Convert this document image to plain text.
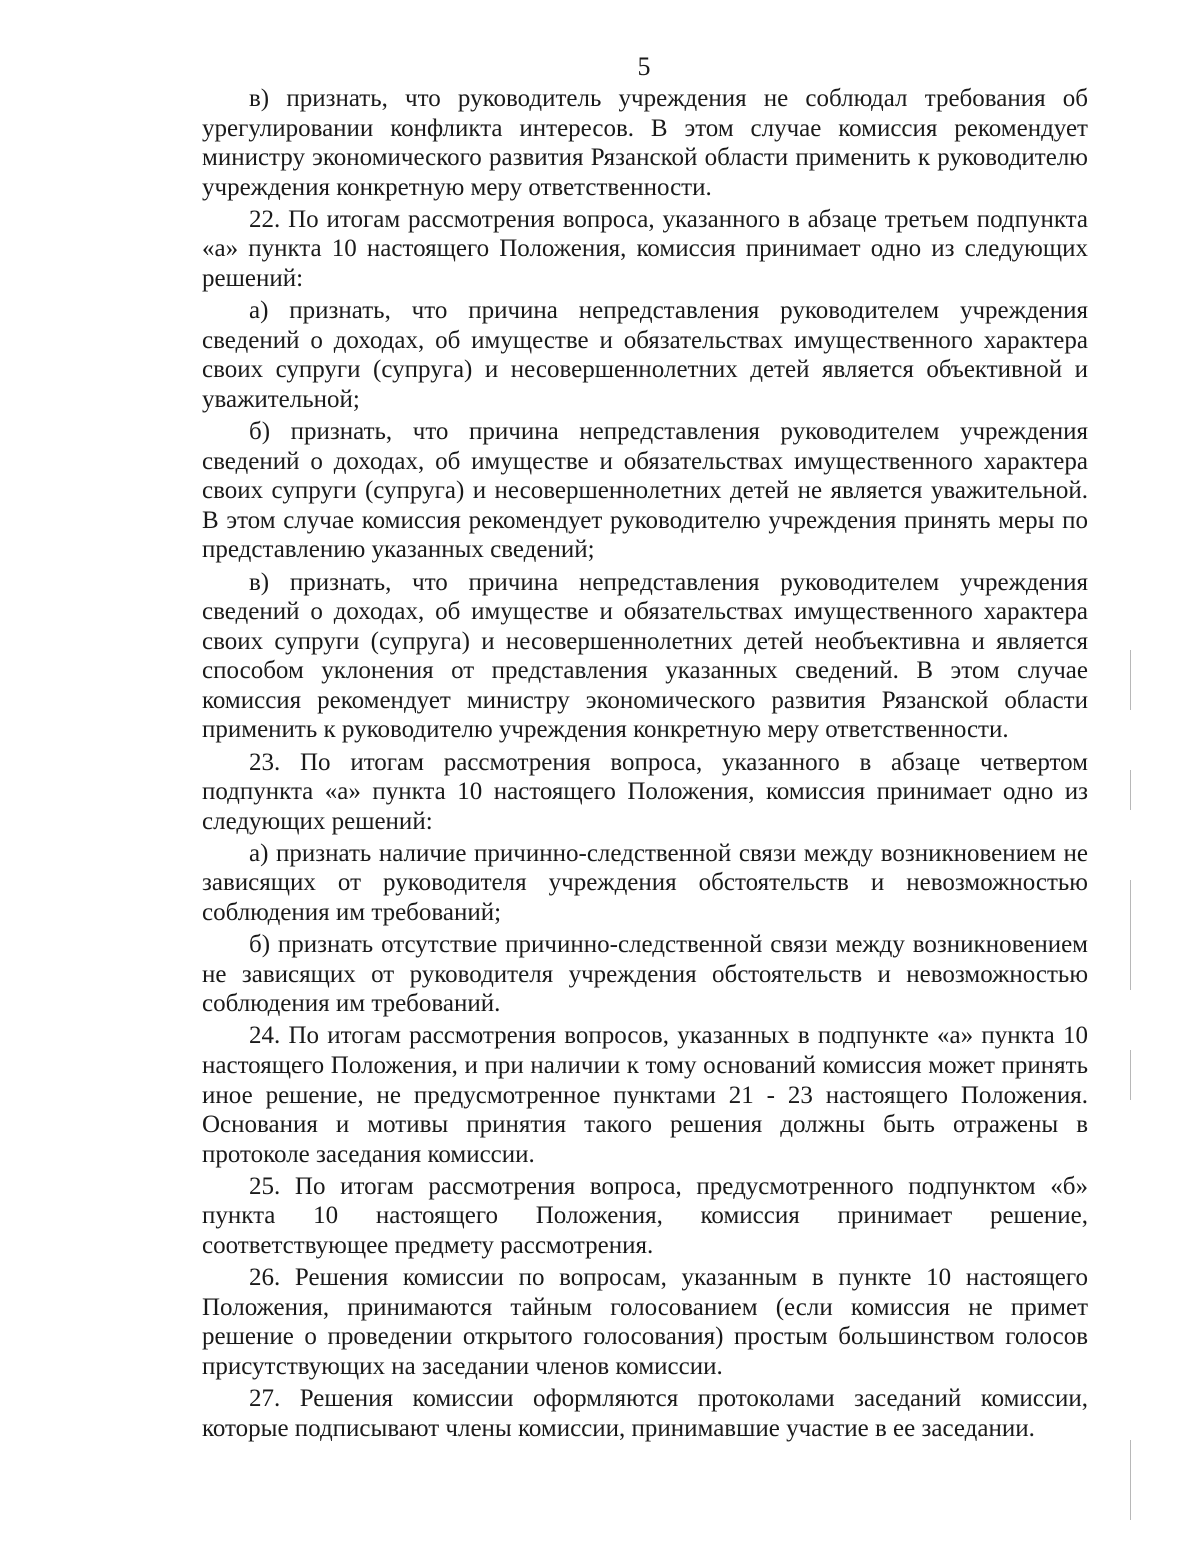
5

в) признать, что руководитель учреждения не соблюдал требования об урегулировании конфликта интересов. В этом случае комиссия рекомендует министру экономического развития Рязанской области применить к руководителю учреждения конкретную меру ответственности.

22. По итогам рассмотрения вопроса, указанного в абзаце третьем подпункта «а» пункта 10 настоящего Положения, комиссия принимает одно из следующих решений:

а) признать, что причина непредставления руководителем учреждения сведений о доходах, об имуществе и обязательствах имущественного характера своих супруги (супруга) и несовершеннолетних детей является объективной и уважительной;

б) признать, что причина непредставления руководителем учреждения сведений о доходах, об имуществе и обязательствах имущественного характера своих супруги (супруга) и несовершеннолетних детей не является уважительной. В этом случае комиссия рекомендует руководителю учреждения принять меры по представлению указанных сведений;

в) признать, что причина непредставления руководителем учреждения сведений о доходах, об имуществе и обязательствах имущественного характера своих супруги (супруга) и несовершеннолетних детей необъективна и является способом уклонения от представления указанных сведений. В этом случае комиссия рекомендует министру экономического развития Рязанской области применить к руководителю учреждения конкретную меру ответственности.

23. По итогам рассмотрения вопроса, указанного в абзаце четвертом подпункта «а» пункта 10 настоящего Положения, комиссия принимает одно из следующих решений:

а) признать наличие причинно-следственной связи между возникновением не зависящих от руководителя учреждения обстоятельств и невозможностью соблюдения им требований;

б) признать отсутствие причинно-следственной связи между возникновением не зависящих от руководителя учреждения обстоятельств и невозможностью соблюдения им требований.

24. По итогам рассмотрения вопросов, указанных в подпункте «а» пункта 10 настоящего Положения, и при наличии к тому оснований комиссия может принять иное решение, не предусмотренное пунктами 21 - 23 настоящего Положения. Основания и мотивы принятия такого решения должны быть отражены в протоколе заседания комиссии.

25. По итогам рассмотрения вопроса, предусмотренного подпунктом «б» пункта 10 настоящего Положения, комиссия принимает решение, соответствующее предмету рассмотрения.

26. Решения комиссии по вопросам, указанным в пункте 10 настоящего Положения, принимаются тайным голосованием (если комиссия не примет решение о проведении открытого голосования) простым большинством голосов присутствующих на заседании членов комиссии.

27. Решения комиссии оформляются протоколами заседаний комиссии, которые подписывают члены комиссии, принимавшие участие в ее заседании.
